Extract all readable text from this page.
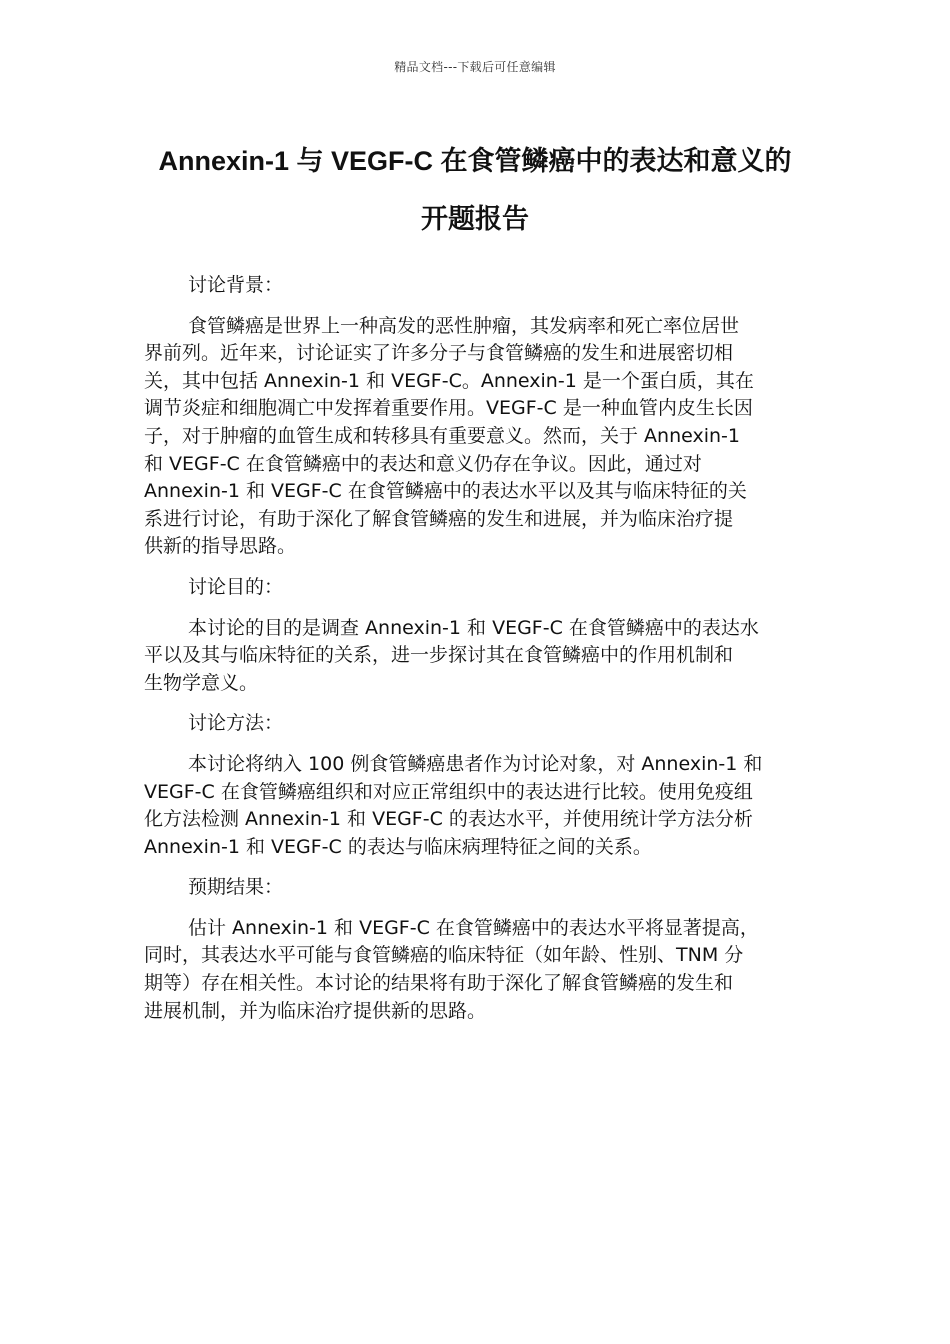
精品文档---下载后可任意编辑
Annexin-1 与 VEGF-C 在食管鳞癌中的表达和意义的
开题报告
讨论背景：
食管鳞癌是世界上一种高发的恶性肿瘤，其发病率和死亡率位居世
界前列。近年来，讨论证实了许多分子与食管鳞癌的发生和进展密切相
关，其中包括 Annexin-1 和 VEGF-C。Annexin-1 是一个蛋白质，其在
调节炎症和细胞凋亡中发挥着重要作用。VEGF-C 是一种血管内皮生长因
子，对于肿瘤的血管生成和转移具有重要意义。然而，关于 Annexin-1
和 VEGF-C 在食管鳞癌中的表达和意义仍存在争议。因此，通过对
Annexin-1 和 VEGF-C 在食管鳞癌中的表达水平以及其与临床特征的关
系进行讨论，有助于深化了解食管鳞癌的发生和进展，并为临床治疗提
供新的指导思路。
讨论目的：
本讨论的目的是调查 Annexin-1 和 VEGF-C 在食管鳞癌中的表达水
平以及其与临床特征的关系，进一步探讨其在食管鳞癌中的作用机制和
生物学意义。
讨论方法：
本讨论将纳入 100 例食管鳞癌患者作为讨论对象，对 Annexin-1 和
VEGF-C 在食管鳞癌组织和对应正常组织中的表达进行比较。使用免疫组
化方法检测 Annexin-1 和 VEGF-C 的表达水平，并使用统计学方法分析
Annexin-1 和 VEGF-C 的表达与临床病理特征之间的关系。
预期结果：
估计 Annexin-1 和 VEGF-C 在食管鳞癌中的表达水平将显著提高，
同时，其表达水平可能与食管鳞癌的临床特征（如年龄、性别、TNM 分
期等）存在相关性。本讨论的结果将有助于深化了解食管鳞癌的发生和
进展机制，并为临床治疗提供新的思路。
